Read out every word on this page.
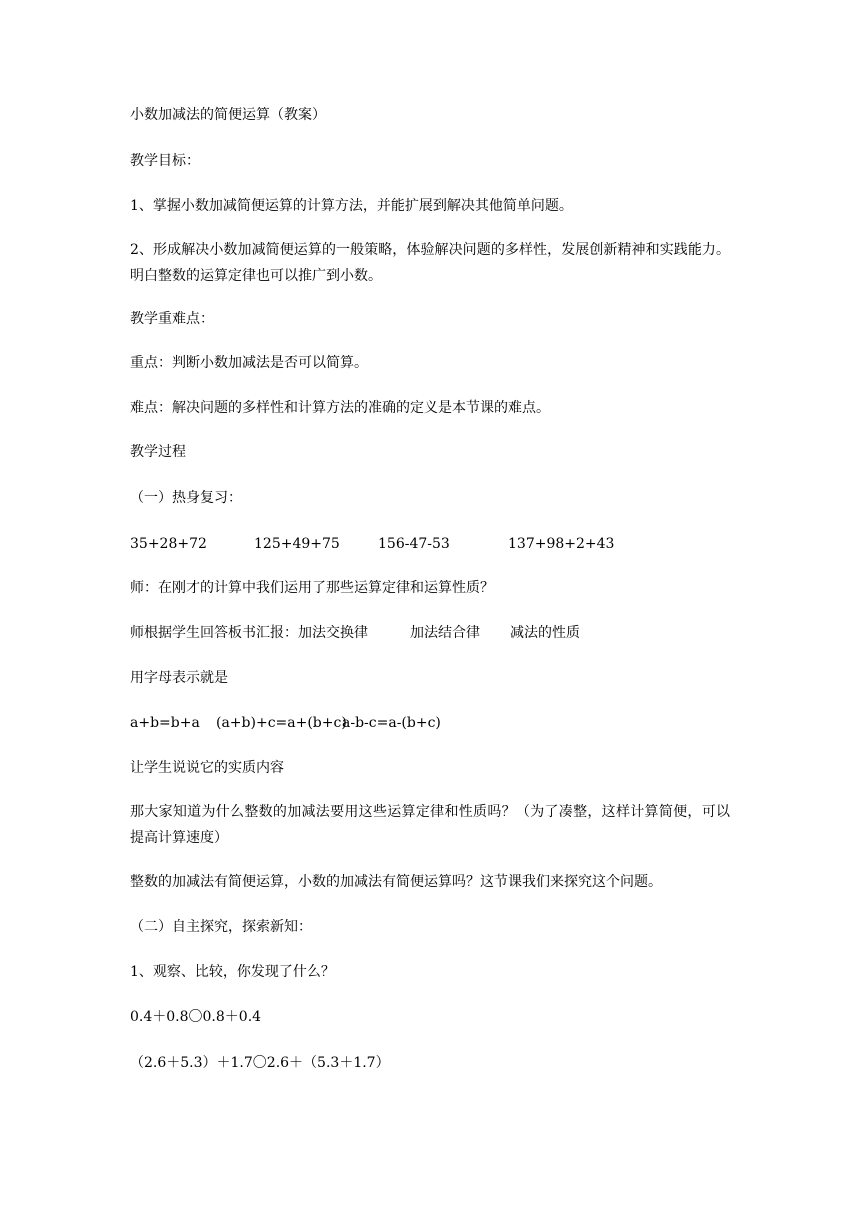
小数加减法的简便运算（教案）
教学目标：
1、掌握小数加减简便运算的计算方法，并能扩展到解决其他简单问题。
2、形成解决小数加减简便运算的一般策略，体验解决问题的多样性，发展创新精神和实践能力。明白整数的运算定律也可以推广到小数。
教学重难点：
重点：判断小数加减法是否可以简算。
难点：解决问题的多样性和计算方法的准确的定义是本节课的难点。
教学过程
（一）热身复习：
35+28+72	125+49+75	156-47-53	137+98+2+43
师：在刚才的计算中我们运用了那些运算定律和运算性质？
师根据学生回答板书汇报：加法交换律	加法结合律 减法的性质
用字母表示就是
a+b=b+a (a+b)+c=a+(b+c)
a-b-c=a-(b+c)
让学生说说它的实质内容
那大家知道为什么整数的加减法要用这些运算定律和性质吗？（为了凑整，这样计算简便，可以提高计算速度）
整数的加减法有简便运算，小数的加减法有简便运算吗？这节课我们来探究这个问题。
（二）自主探究，探索新知：
1、观察、比较，你发现了什么？
0.4＋0.8〇0.8＋0.4
（2.6＋5.3）＋1.7〇2.6＋（5.3＋1.7）
